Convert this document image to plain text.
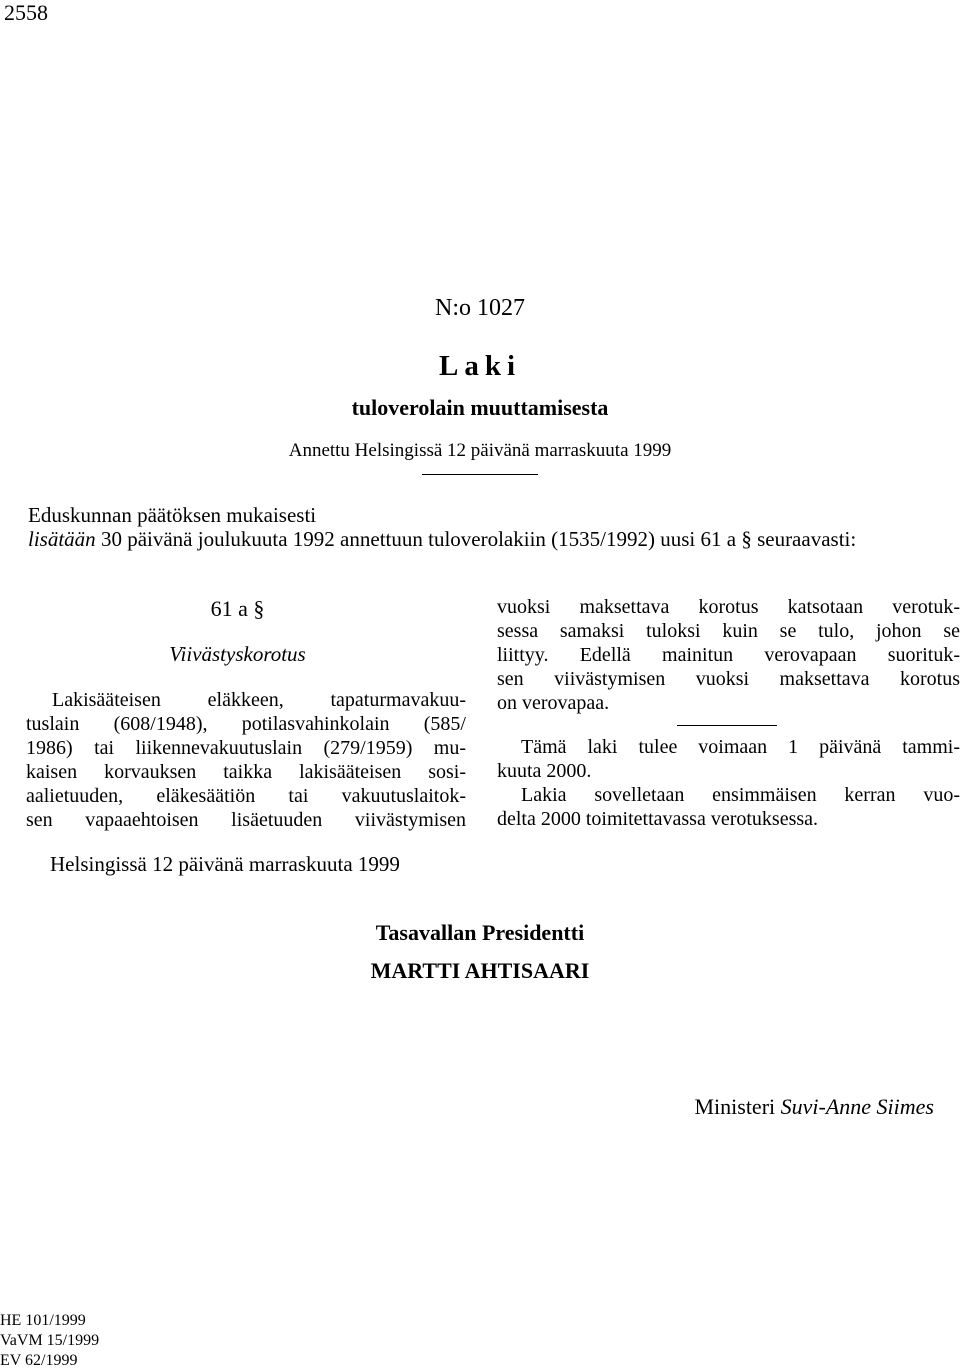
2558
N:o 1027
Laki
tuloverolain muuttamisesta
Annettu Helsingissä 12 päivänä marraskuuta 1999
Eduskunnan päätöksen mukaisesti
lisätään 30 päivänä joulukuuta 1992 annettuun tuloverolakiin (1535/1992) uusi 61 a § seuraavasti:
61 a §
Viivästyskorotus

Lakisääteisen eläkkeen, tapaturmavakuu-

tuslain (608/1948), potilasvahinkolain (585/

1986) tai liikennevakuutuslain (279/1959) mu-

kaisen korvauksen taikka lakisääteisen sosi-

aalietuuden, eläkesäätiön tai vakuutuslaitok-

sen vapaaehtoisen lisäetuuden viivästymisen

vuoksi maksettava korotus katsotaan verotuk-

sessa samaksi tuloksi kuin se tulo, johon se

liittyy. Edellä mainitun verovapaan suorituk-

sen viivästymisen vuoksi maksettava korotus

on verovapaa.

Tämä laki tulee voimaan 1 päivänä tammi-

kuuta 2000.

Lakia sovelletaan ensimmäisen kerran vuo-

delta 2000 toimitettavassa verotuksessa.

Helsingissä 12 päivänä marraskuuta 1999
Tasavallan Presidentti
MARTTI AHTISAARI
Ministeri Suvi-Anne Siimes
HE 101/1999
VaVM 15/1999
EV 62/1999
